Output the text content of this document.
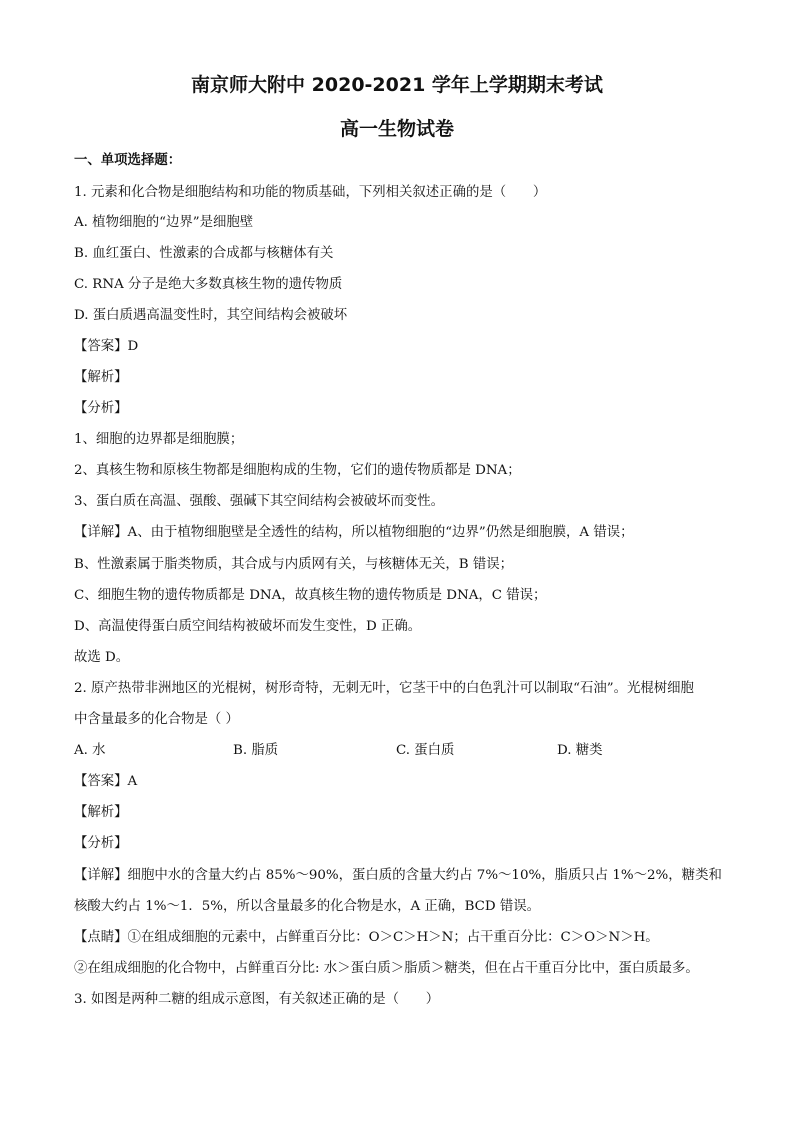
南京师大附中 2020-2021 学年上学期期末考试
高一生物试卷
一、单项选择题：
1. 元素和化合物是细胞结构和功能的物质基础，下列相关叙述正确的是（　　）
A. 植物细胞的“边界”是细胞壁
B. 血红蛋白、性激素的合成都与核糖体有关
C. RNA 分子是绝大多数真核生物的遗传物质
D. 蛋白质遇高温变性时，其空间结构会被破坏
【答案】D
【解析】
【分析】
1、细胞的边界都是细胞膜；
2、真核生物和原核生物都是细胞构成的生物，它们的遗传物质都是 DNA；
3、蛋白质在高温、强酸、强碱下其空间结构会被破坏而变性。
【详解】A、由于植物细胞壁是全透性的结构，所以植物细胞的“边界”仍然是细胞膜，A 错误；
B、性激素属于脂类物质，其合成与内质网有关，与核糖体无关，B 错误；
C、细胞生物的遗传物质都是 DNA，故真核生物的遗传物质是 DNA，C 错误；
D、高温使得蛋白质空间结构被破坏而发生变性，D 正确。
故选 D。
2. 原产热带非洲地区的光棍树，树形奇特，无刺无叶，它茎干中的白色乳汁可以制取“石油”。光棍树细胞
中含量最多的化合物是（ ）
A. 水	B. 脂质	C. 蛋白质	D. 糖类
【答案】A
【解析】
【分析】
【详解】细胞中水的含量大约占 85%～90%，蛋白质的含量大约占 7%～10%，脂质只占 1%～2%，糖类和
核酸大约占 1%～1．5%，所以含量最多的化合物是水，A 正确，BCD 错误。
【点睛】①在组成细胞的元素中，占鲜重百分比：O＞C＞H＞N；占干重百分比：C＞O＞N＞H。
②在组成细胞的化合物中，占鲜重百分比: 水＞蛋白质＞脂质＞糖类，但在占干重百分比中，蛋白质最多。
3. 如图是两种二糖的组成示意图，有关叙述正确的是（　　）
